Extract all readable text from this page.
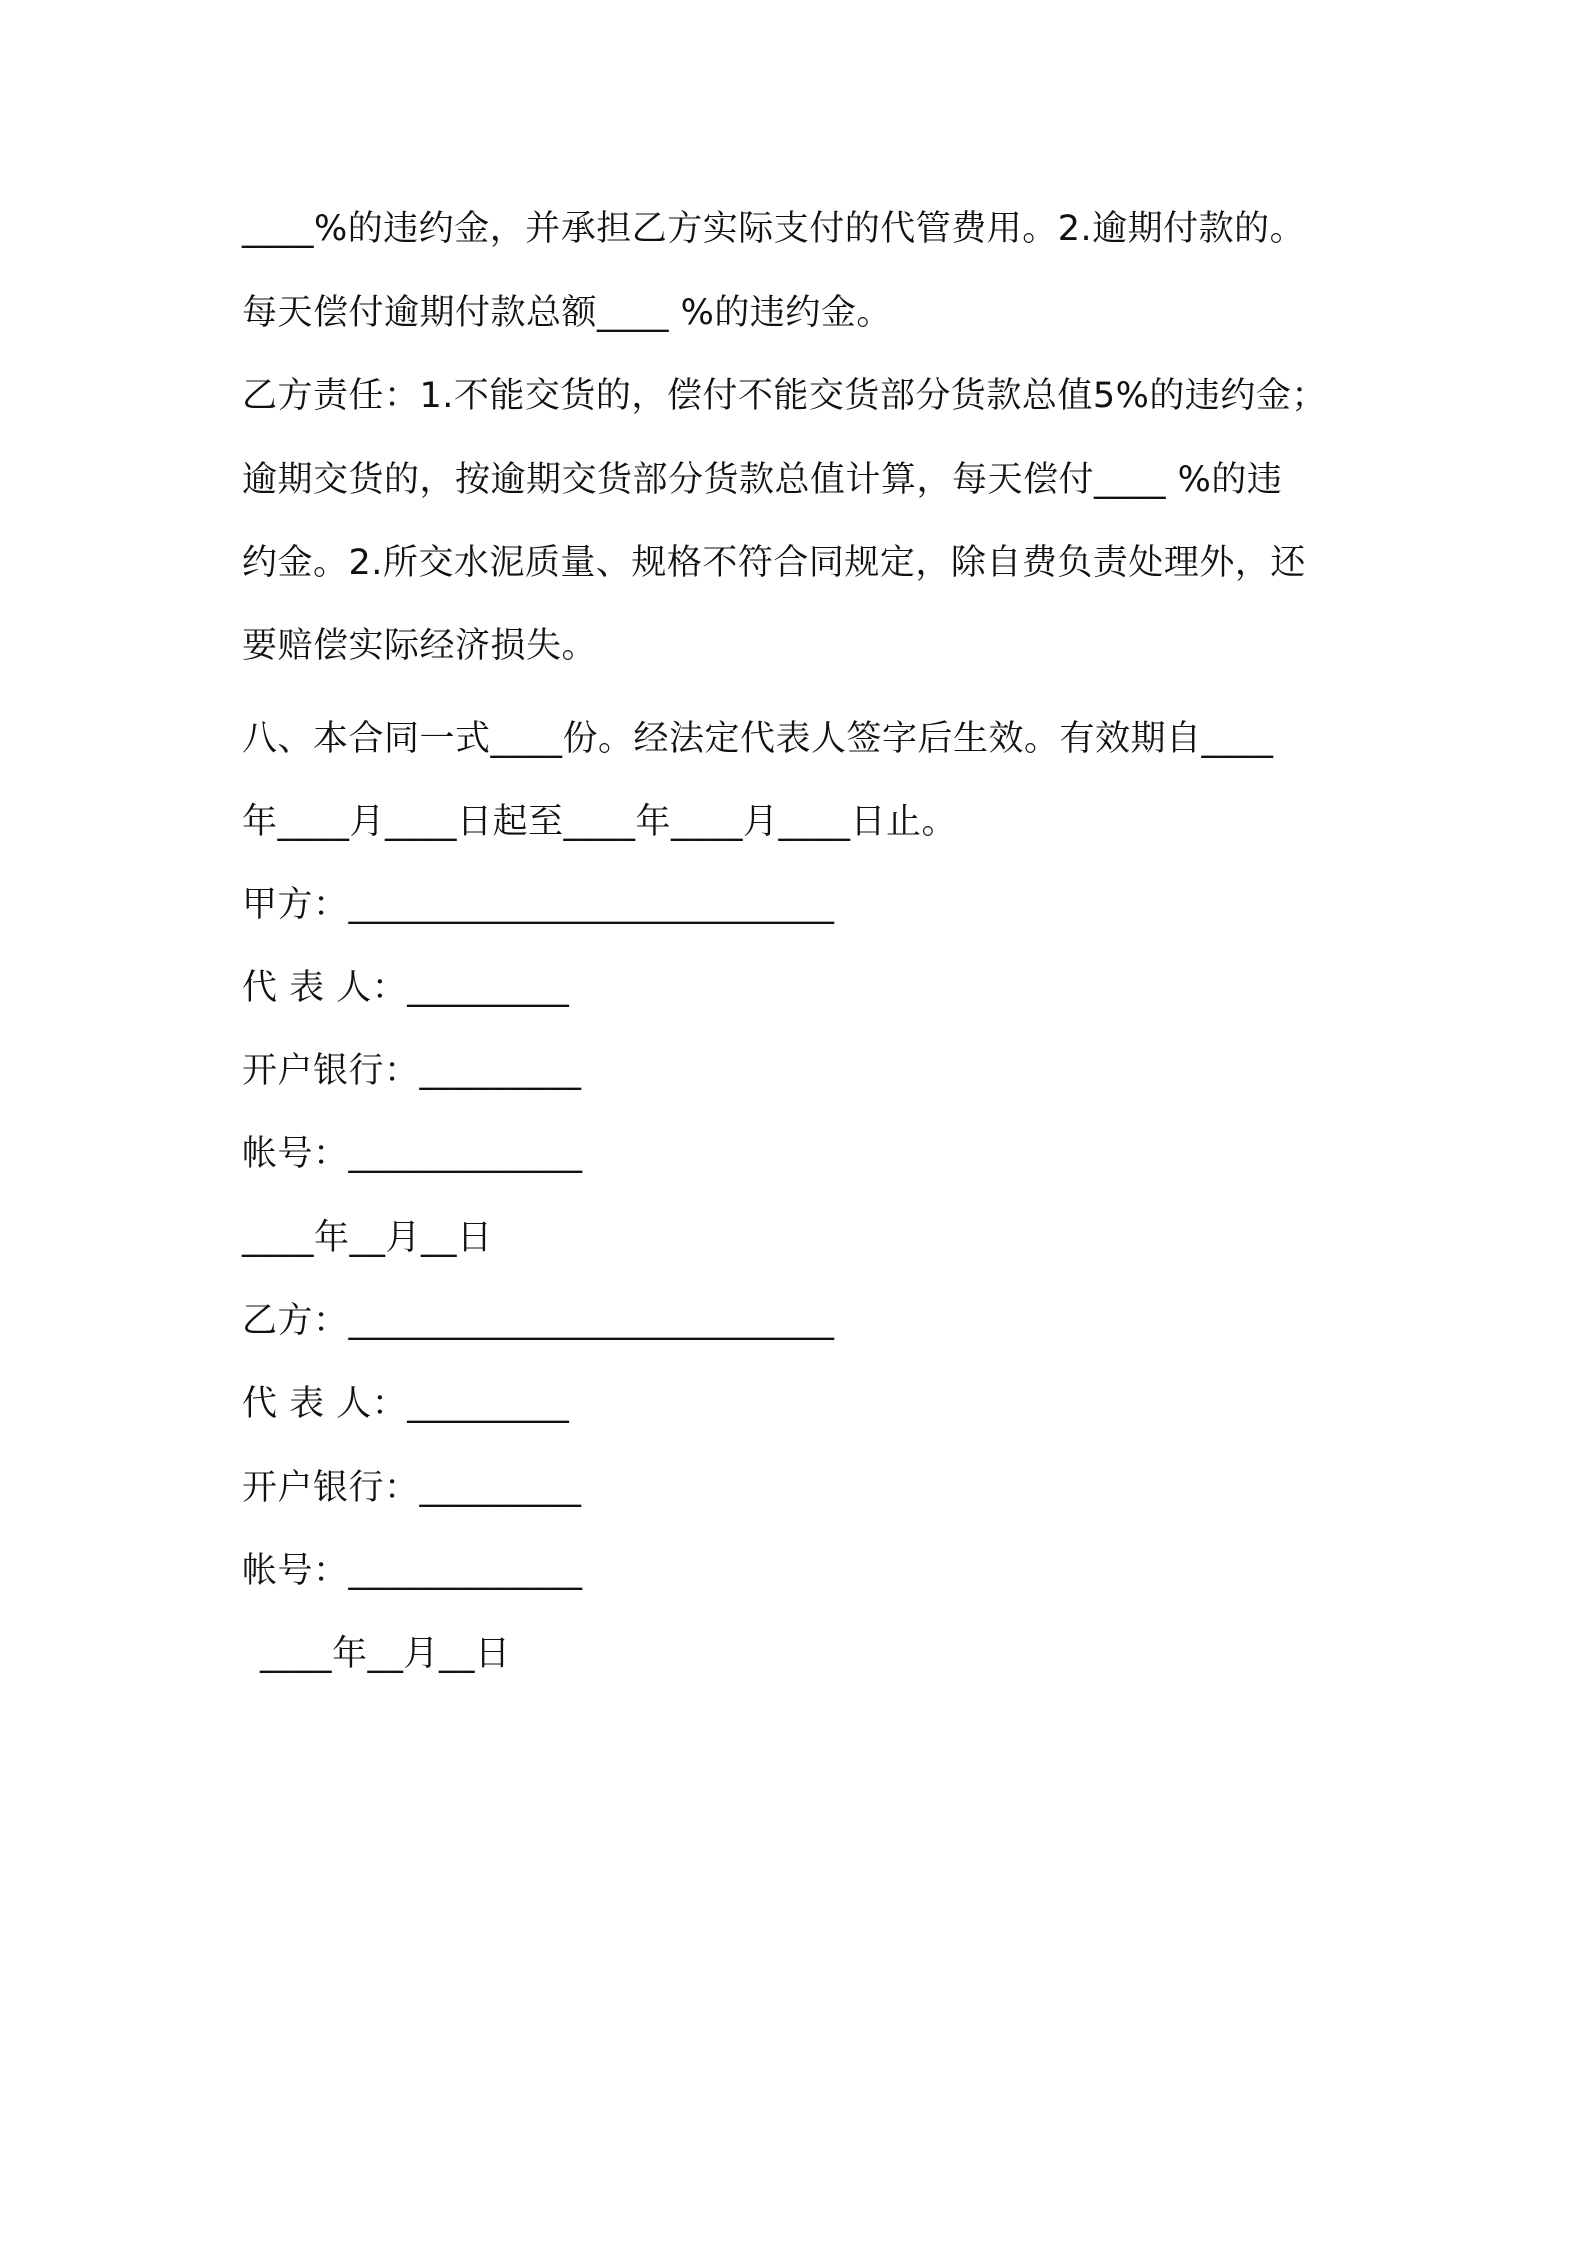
____%的违约金，并承担乙方实际支付的代管费用。2.逾期付款的。
每天偿付逾期付款总额____ %的违约金。
乙方责任：1.不能交货的，偿付不能交货部分货款总值5%的违约金；
逾期交货的，按逾期交货部分货款总值计算，每天偿付____ %的违
约金。2.所交水泥质量、规格不符合同规定，除自费负责处理外，还
要赔偿实际经济损失。
八、本合同一式____份。经法定代表人签字后生效。有效期自____
年____月____日起至____年____月____日止。
甲方：___________________________
代 表 人：_________
开户银行：_________
帐号：_____________
____年__月__日
乙方：___________________________
代 表 人：_________
开户银行：_________
帐号：_____________
____年__月__日
